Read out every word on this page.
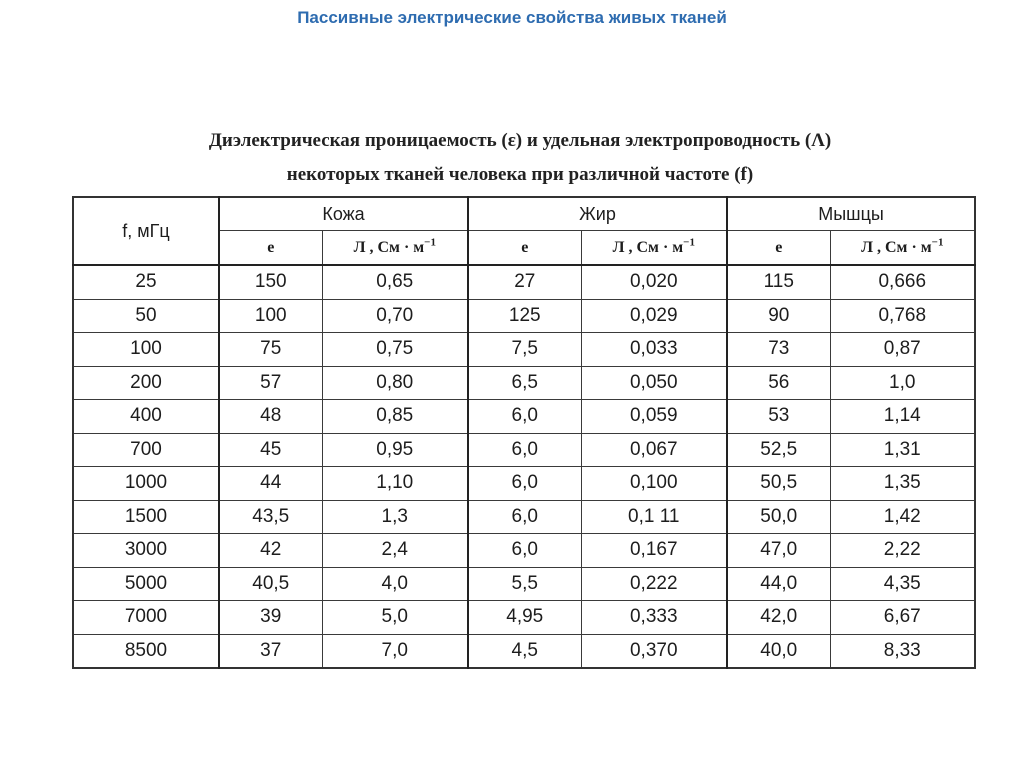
Пассивные электрические свойства живых тканей
Диэлектрическая проницаемость (ε) и удельная электропроводность (Λ)
некоторых тканей человека при различной частоте (f)
f, мГц	Кожа		Жир		Мышцы	
	e	Л , См · $м^{-1}$	e	Л , См · $м^{-1}$	e	Л , См · $м^{-1}$
25	150	0,65	27	0,020	115	0,666
50	100	0,70	125	0,029	90	0,768
100	75	0,75	7,5	0,033	73	0,87
200	57	0,80	6,5	0,050	56	1,0
400	48	0,85	6,0	0,059	53	1,14
700	45	0,95	6,0	0,067	52,5	1,31
1000	44	1,10	6,0	0,100	50,5	1,35
1500	43,5	1,3	6,0	0,1 11	50,0	1,42
3000	42	2,4	6,0	0,167	47,0	2,22
5000	40,5	4,0	5,5	0,222	44,0	4,35
7000	39	5,0	4,95	0,333	42,0	6,67
8500	37	7,0	4,5	0,370	40,0	8,33
